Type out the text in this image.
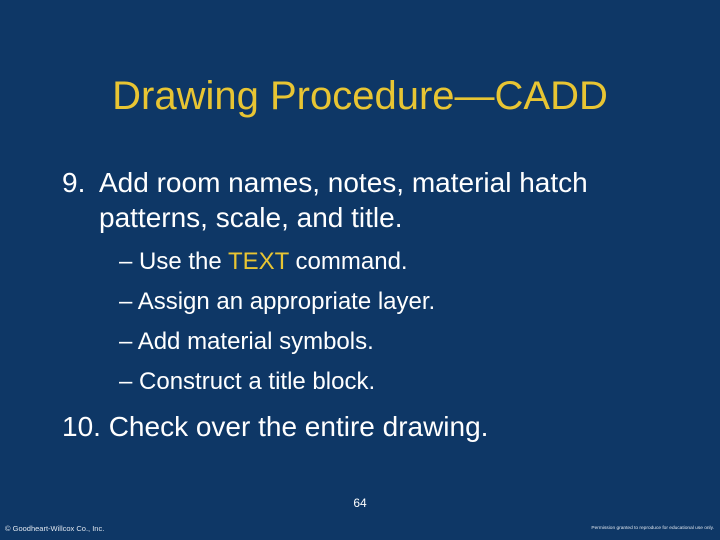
Drawing Procedure—CADD
9. Add room names, notes, material hatch patterns, scale, and title.
– Use the TEXT command.
– Assign an appropriate layer.
– Add material symbols.
– Construct a title block.
10. Check over the entire drawing.
64
© Goodheart-Willcox Co., Inc.	Permission granted to reproduce for educational use only.
